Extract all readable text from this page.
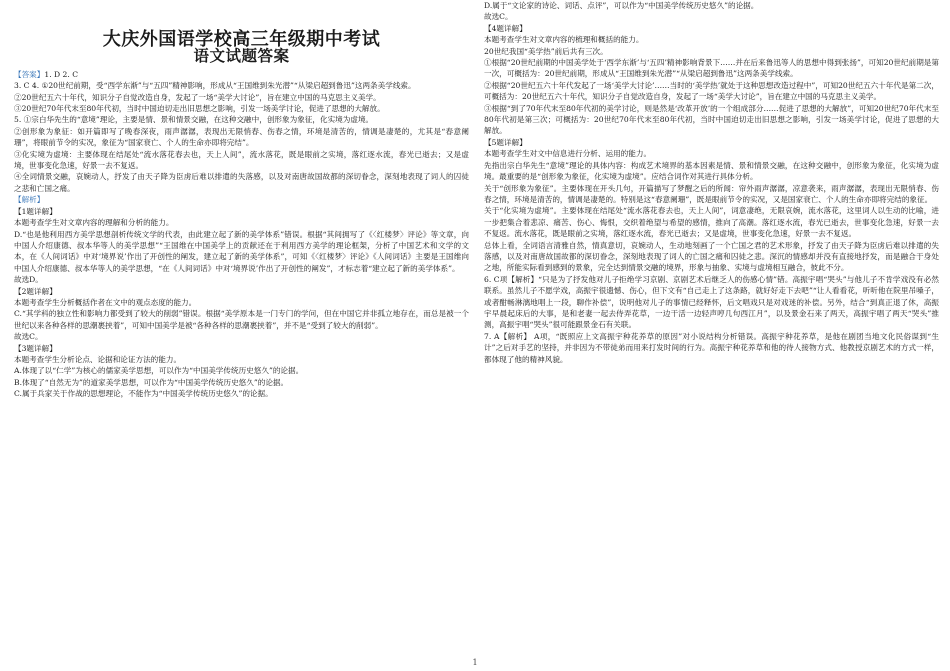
大庆外国语学校高三年级期中考试
语文试题答案

【答案】1. D 2. C

3. C 4. ①20世纪前期，受“西学东渐”与“五四”精神影响，形成从“王国维到朱光潜”“从梁启超到鲁迅”这两条美学线索。

②20世纪五六十年代，知识分子自觉改造自身，发起了一场“美学大讨论”，旨在建立中国的马克思主义美学。

③20世纪70年代末至80年代初，当时中国迫切走出旧思想之影响，引发一场美学讨论，促进了思想的大解放。

5. ①宗白华先生的“意境”理论，主要是情、景和情景交融，在这种交融中，创形象为象征，化实境为虚境。

②创形象为象征：如开篇即写了晚春深夜，雨声潺潺，表现出无限悄春、伤春之情，环境是清苦的，情调是凄楚的，尤其是“春意阑珊”，将眼前节令的实况，象征为“国家衰亡、个人的生命亦即将完结”。

③化实境为虚境：主要体现在结尾处“流水落花春去也，天上人间”，流水落花，既是眼前之实境，落红逐水流，春光已逝去；又是虚境，世事变化急速，好景一去不复返。

④全词情景交融，哀婉动人，抒发了由天子降为臣虏后难以排遣的失落感，以及对南唐故国故都的深切眷念，深刻地表现了词人的囚徒之悲和亡国之痛。

【解析】

【1题详解】

本题考查学生对文章内容的理解和分析的能力。

D.“也是他利用西方美学思想剖析传统文学的代表，由此建立起了新的美学体系”错误。根据“其间拥写了《〈红楼梦〉评论》等文章，向中国人介绍康德、叔本华等人的美学思想”“王国维在中国美学上的贡献还在于利用西方美学的理论框架，分析了中国艺术和文学的文本，在《人间词话》中对‘境界说’作出了开创性的阐发，建立起了新的美学体系”，可知《〈红楼梦〉评论》《人间词话》主要是王国维向中国人介绍康德、叔本华等人的美学思想，“在《人间词话》中对‘境界说’作出了开创性的阐发”，才标志着“建立起了新的美学体系”。

故选D。

【2题详解】

本题考查学生分析概括作者在文中的观点态度的能力。

C.“其学科的独立性和影响力都受到了较大的削弱”错误。根据“美学原本是一门专门的学问，但在中国它并非孤立地存在，而总是被一个世纪以来各种各样的思潮裹挟着”，可知中国美学是被“各种各样的思潮裹挟着”，并不是“受到了较大的削弱”。

故选C。

【3题详解】

本题考查学生分析论点、论据和论证方法的能力。

A.体现了以“仁学”为核心的儒家美学思想，可以作为“中国美学传统历史悠久”的论据。

B.体现了“自然无为”的道家美学思想，可以作为“中国美学传统历史悠久”的论据。

C.属于兵家关于作战的思想理论，不能作为“中国美学传统历史悠久”的论据。

D.属于“文论家的诗论、词话、点评”，可以作为“中国美学传统历史悠久”的论据。

故选C。

【4题详解】

本题考查学生对文章内容的梳理和概括的能力。

20世纪我国“美学热”前后共有三次。

①根据“20世纪前期的中国美学处于‘西学东渐’与‘五四’精神影响背景下……并在后来鲁迅等人的思想中得到张扬”，可知20世纪前期是第一次，可概括为：20世纪前期，形成从“王国维到朱光潜”“从梁启超到鲁迅”这两条美学线索。

②根据“20世纪五六十年代发起了一场‘美学大讨论’……当时的‘美学热’就处于这种思想改造过程中”，可知20世纪五六十年代是第二次，可概括为：20世纪五六十年代，知识分子自觉改造自身，发起了一场“美学大讨论”，旨在建立中国的马克思主义美学。

③根据“到了70年代末至80年代初的美学讨论，则是然是‘改革开放’的一个组成部分……促进了思想的大解放”，可知20世纪70年代末至80年代初是第三次；可概括为：20世纪70年代末至80年代初，当时中国迫切走出旧思想之影响，引发一场美学讨论，促进了思想的大解放。

【5题详解】

本题考查学生对文中信息进行分析、运用的能力。

先指出宗白华先生“意境”理论的具体内容：构成艺术境界的基本因素是情、景和情景交融，在这种交融中，创形象为象征，化实境为虚境。最重要的是“创形象为象征，化实境为虚境”。应结合词作对其进行具体分析。

关于“创形象为象征”。主要体现在开头几句，开篇描写了梦醒之后的所闻：帘外雨声潺潺，凉意袭来，雨声潺潺，表现出无限悄春、伤春之情，环境是清苦的，情调是凄楚的。特别是这“春意阑珊”，既是眼前节令的实况，又是国家衰亡、个人的生命亦即将完结的象征。

关于“化实境为虚境”。主要体现在结尾处“流水落花春去也，天上人间”，词意凄绝，无限哀婉，流水落花，这里词人以生动的比喻，进一步把集合着悲凉、痛苦、伤心、悔恨，交织着绝望与希望的感情，推向了高潮。落红逐水流，春光已逝去，世事变化急速，好景一去不复返。流水落花，既是眼前之实境，落红逐水流，春光已逝去；又是虚境，世事变化急速，好景一去不复返。

总体上看，全词语言清雅自然，情真意切，哀婉动人，生动地刻画了一个亡国之君的艺术形象，抒发了由天子降为臣虏后难以排遣的失落感，以及对南唐故国故都的深切眷念，深刻地表现了词人的亡国之痛和囚徒之悲。深沉的情感却并没有直接地抒发，而是融合于身处之地，所能实际看到感到的景象，完全达到情景交融的境界，形象与抽象、实境与虚境相互融合，彼此不分。

6. C项【解析】“只是为了抒发他对儿子拒绝学习京剧、京剧艺术后继乏人的伤感心情”错。高振宇唱“哭头”与他儿子不肯学戏没有必然联系。虽然儿子不愿学戏，高振宇很遗憾、伤心，但下文有“自己走上了这条路，就好好走下去吧”“让人看看花，听听他在院里吊嗓子，或者酣畅淋漓地唱上一段，聊作补偿”，说明他对儿子的事情已经释怀，后文唱戏只是对戏迷的补偿。另外，结合“到真正退了休，高振宇早晨起床后的大事，是和老妻一起去侍弄花草，一边干活一边轻声哼几句西江月”，以及景金石来了两天，高振宇唱了两天“哭头”推测，高振宇唱“哭头”很可能跟景金石有关联。

7. A【解析】 A项，“既照应上文高振宇种花养草的原因”对小说结构分析错误。高振宇种花养草，是他在剧团当地文化民俗谋到“生计”之后对手艺的坚持，并非因为不带徒弟而用来打发时间的行为。高振宇种花养草和他的待人接物方式、他教授京剧艺术的方式一样，都体现了他的精神风貌。

1
